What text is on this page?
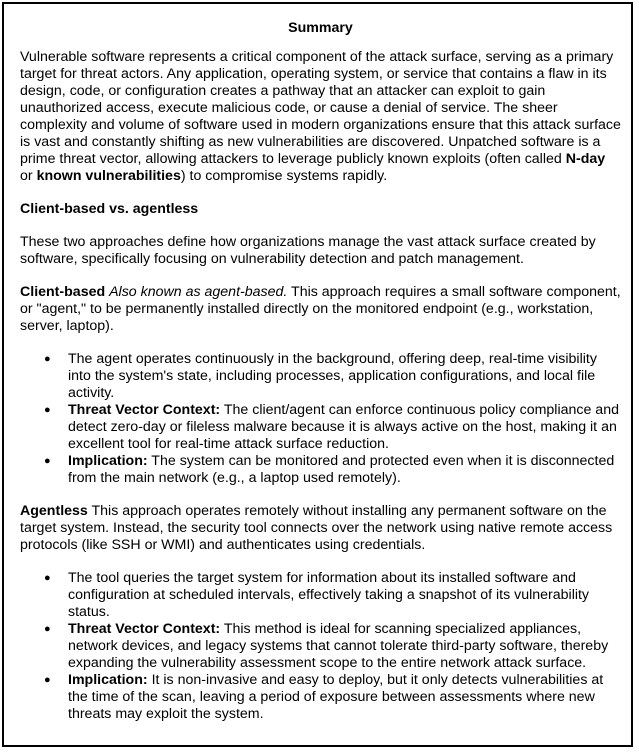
Summary

Vulnerable software represents a critical component of the attack surface, serving as a primary target for threat actors. Any application, operating system, or service that contains a flaw in its design, code, or configuration creates a pathway that an attacker can exploit to gain unauthorized access, execute malicious code, or cause a denial of service. The sheer complexity and volume of software used in modern organizations ensure that this attack surface is vast and constantly shifting as new vulnerabilities are discovered. Unpatched software is a prime threat vector, allowing attackers to leverage publicly known exploits (often called N-day or known vulnerabilities) to compromise systems rapidly.

Client-based vs. agentless

These two approaches define how organizations manage the vast attack surface created by software, specifically focusing on vulnerability detection and patch management.

Client-based Also known as agent-based. This approach requires a small software component, or "agent," to be permanently installed directly on the monitored endpoint (e.g., workstation, server, laptop).

● The agent operates continuously in the background, offering deep, real-time visibility into the system's state, including processes, application configurations, and local file activity.
● Threat Vector Context: The client/agent can enforce continuous policy compliance and detect zero-day or fileless malware because it is always active on the host, making it an excellent tool for real-time attack surface reduction.
● Implication: The system can be monitored and protected even when it is disconnected from the main network (e.g., a laptop used remotely).

Agentless This approach operates remotely without installing any permanent software on the target system. Instead, the security tool connects over the network using native remote access protocols (like SSH or WMI) and authenticates using credentials.

● The tool queries the target system for information about its installed software and configuration at scheduled intervals, effectively taking a snapshot of its vulnerability status.
● Threat Vector Context: This method is ideal for scanning specialized appliances, network devices, and legacy systems that cannot tolerate third-party software, thereby expanding the vulnerability assessment scope to the entire network attack surface.
● Implication: It is non-invasive and easy to deploy, but it only detects vulnerabilities at the time of the scan, leaving a period of exposure between assessments where new threats may exploit the system.
